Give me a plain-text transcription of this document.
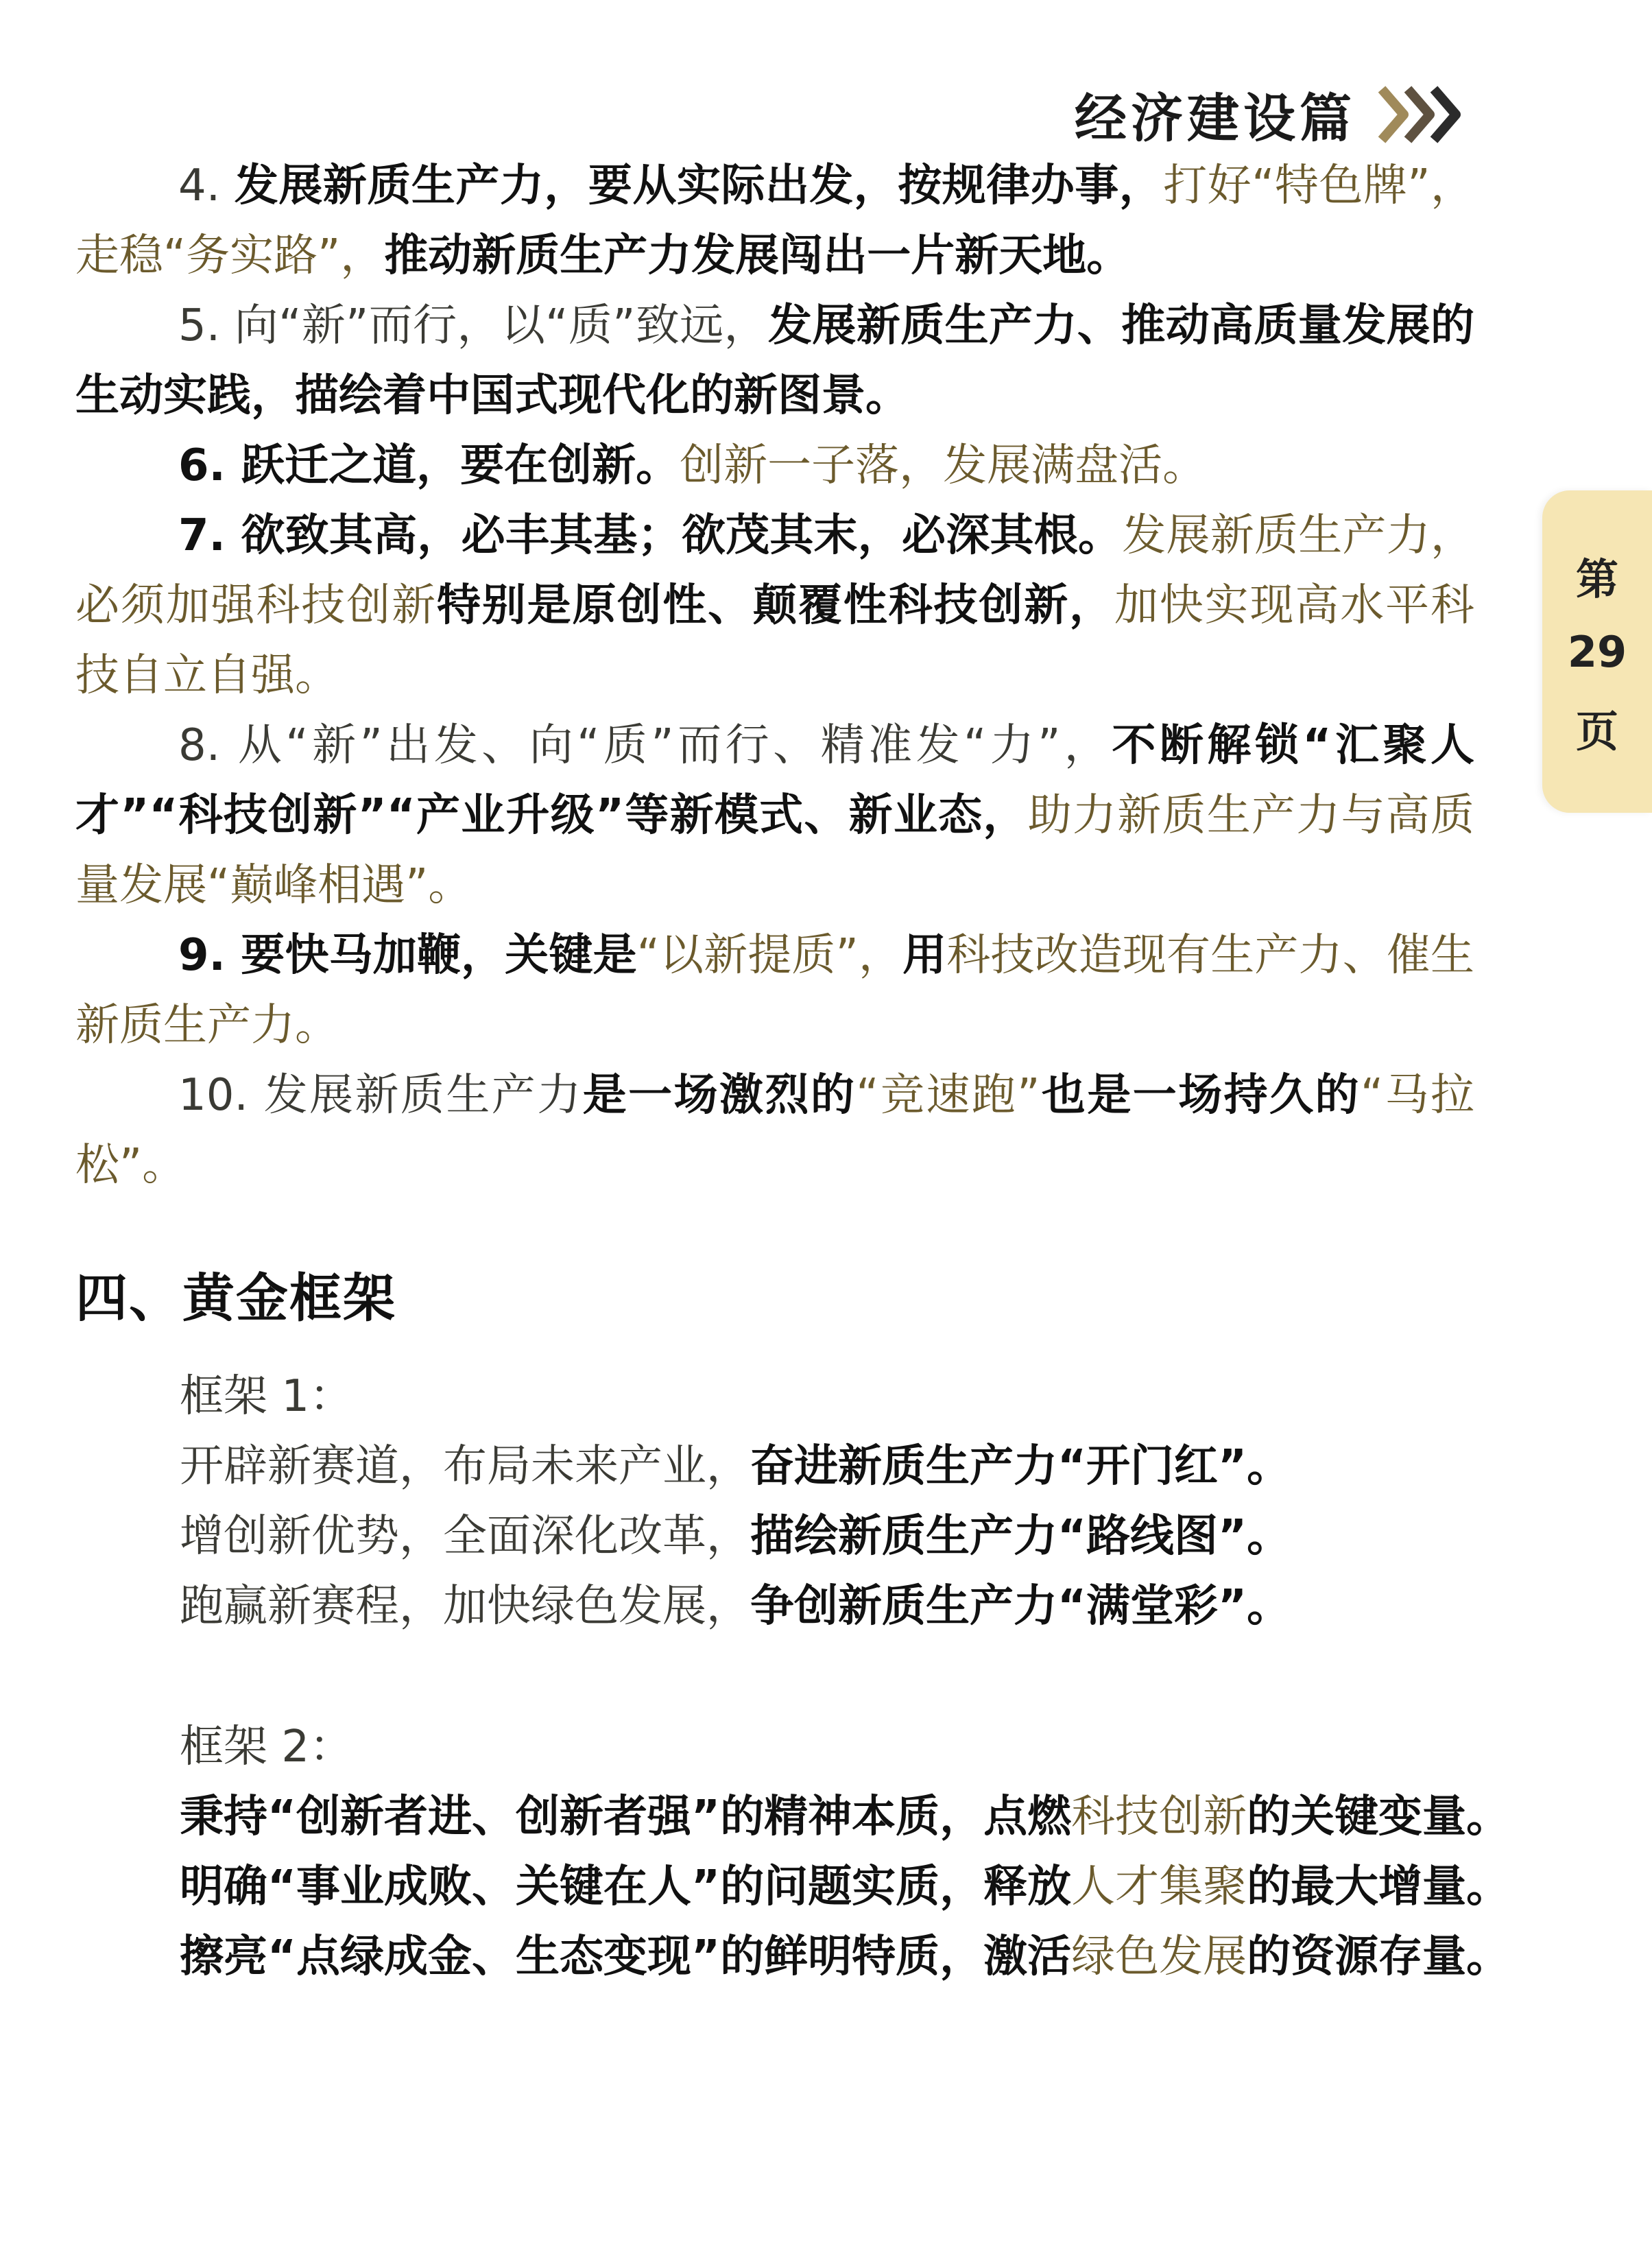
经济建设篇
第
29
页

4. 发展新质生产力，要从实际出发，按规律办事，打好“特色牌”，走稳“务实路”，推动新质生产力发展闯出一片新天地。

5. 向“新”而行，以“质”致远，发展新质生产力、推动高质量发展的生动实践，描绘着中国式现代化的新图景。

6. 跃迁之道，要在创新。创新一子落，发展满盘活。

7. 欲致其高，必丰其基；欲茂其末，必深其根。发展新质生产力，必须加强科技创新特别是原创性、颠覆性科技创新，加快实现高水平科技自立自强。

8. 从“新”出发、向“质”而行、精准发“力”，不断解锁“汇聚人才”“科技创新”“产业升级”等新模式、新业态，助力新质生产力与高质量发展“巅峰相遇”。

9. 要快马加鞭，关键是“以新提质”，用科技改造现有生产力、催生新质生产力。

10. 发展新质生产力是一场激烈的“竞速跑”也是一场持久的“马拉松”。

四、黄金框架
框架 1：
开辟新赛道，布局未来产业，奋进新质生产力“开门红”。
增创新优势，全面深化改革，描绘新质生产力“路线图”。
跑赢新赛程，加快绿色发展，争创新质生产力“满堂彩”。
框架 2：
秉持“创新者进、创新者强”的精神本质，点燃科技创新的关键变量。
明确“事业成败、关键在人”的问题实质，释放人才集聚的最大增量。
擦亮“点绿成金、生态变现”的鲜明特质，激活绿色发展的资源存量。
